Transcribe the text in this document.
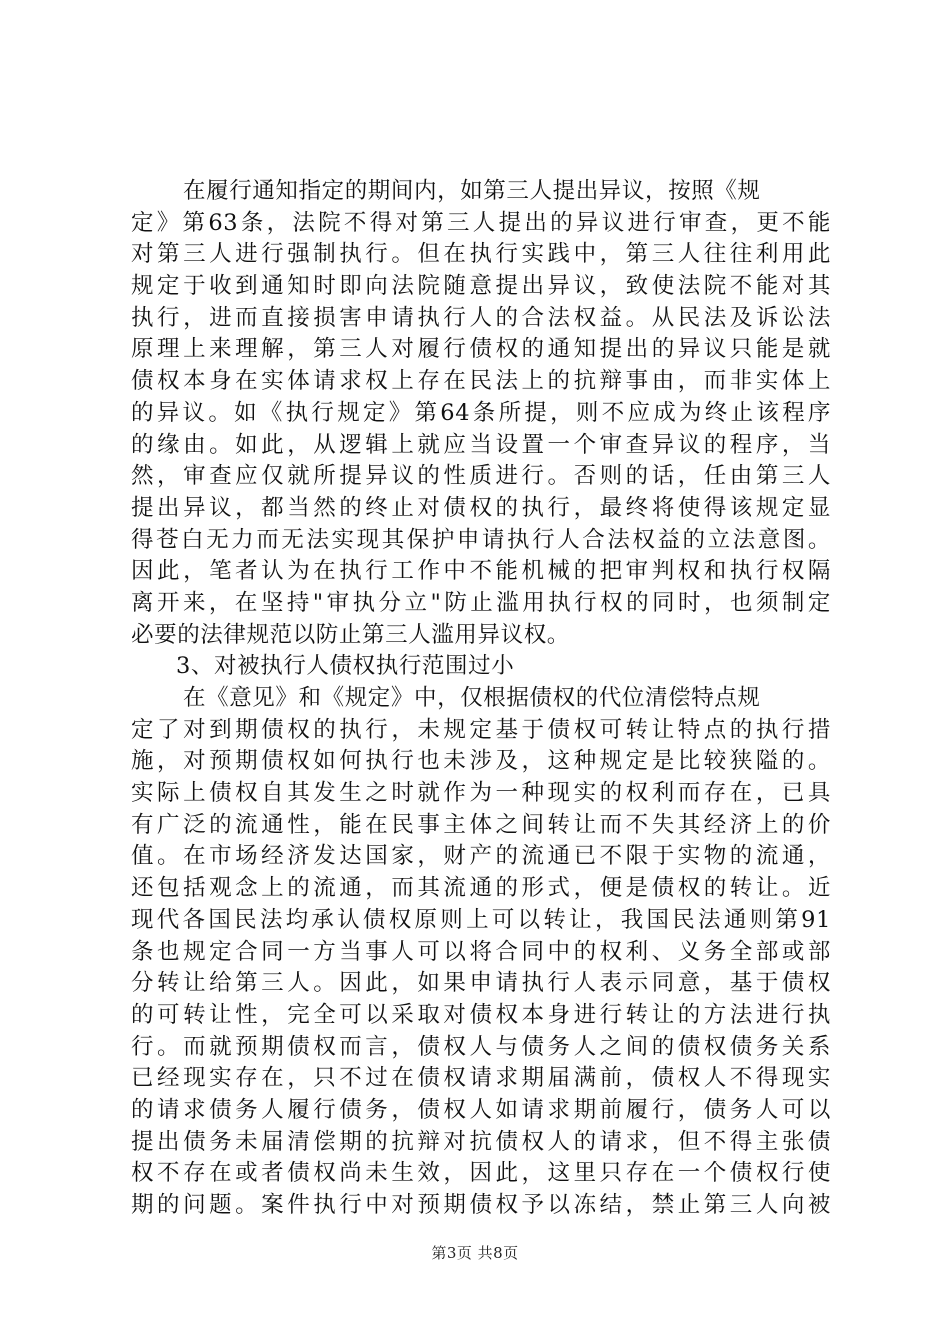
在履行通知指定的期间内，如第三人提出异议，按照《规
定》第63条，法院不得对第三人提出的异议进行审查，更不能
对第三人进行强制执行。但在执行实践中，第三人往往利用此
规定于收到通知时即向法院随意提出异议，致使法院不能对其
执行，进而直接损害申请执行人的合法权益。从民法及诉讼法
原理上来理解，第三人对履行债权的通知提出的异议只能是就
债权本身在实体请求权上存在民法上的抗辩事由，而非实体上
的异议。如《执行规定》第64条所提，则不应成为终止该程序
的缘由。如此，从逻辑上就应当设置一个审查异议的程序，当
然，审查应仅就所提异议的性质进行。否则的话，任由第三人
提出异议，都当然的终止对债权的执行，最终将使得该规定显
得苍白无力而无法实现其保护申请执行人合法权益的立法意图。
因此，笔者认为在执行工作中不能机械的把审判权和执行权隔
离开来，在坚持"审执分立"防止滥用执行权的同时，也须制定
必要的法律规范以防止第三人滥用异议权。
3、对被执行人债权执行范围过小
在《意见》和《规定》中，仅根据债权的代位清偿特点规
定了对到期债权的执行，未规定基于债权可转让特点的执行措
施，对预期债权如何执行也未涉及，这种规定是比较狭隘的。
实际上债权自其发生之时就作为一种现实的权利而存在，已具
有广泛的流通性，能在民事主体之间转让而不失其经济上的价
值。在市场经济发达国家，财产的流通已不限于实物的流通，
还包括观念上的流通，而其流通的形式，便是债权的转让。近
现代各国民法均承认债权原则上可以转让，我国民法通则第91
条也规定合同一方当事人可以将合同中的权利、义务全部或部
分转让给第三人。因此，如果申请执行人表示同意，基于债权
的可转让性，完全可以采取对债权本身进行转让的方法进行执
行。而就预期债权而言，债权人与债务人之间的债权债务关系
已经现实存在，只不过在债权请求期届满前，债权人不得现实
的请求债务人履行债务，债权人如请求期前履行，债务人可以
提出债务未届清偿期的抗辩对抗债权人的请求，但不得主张债
权不存在或者债权尚未生效，因此，这里只存在一个债权行使
期的问题。案件执行中对预期债权予以冻结，禁止第三人向被
第3页 共8页
